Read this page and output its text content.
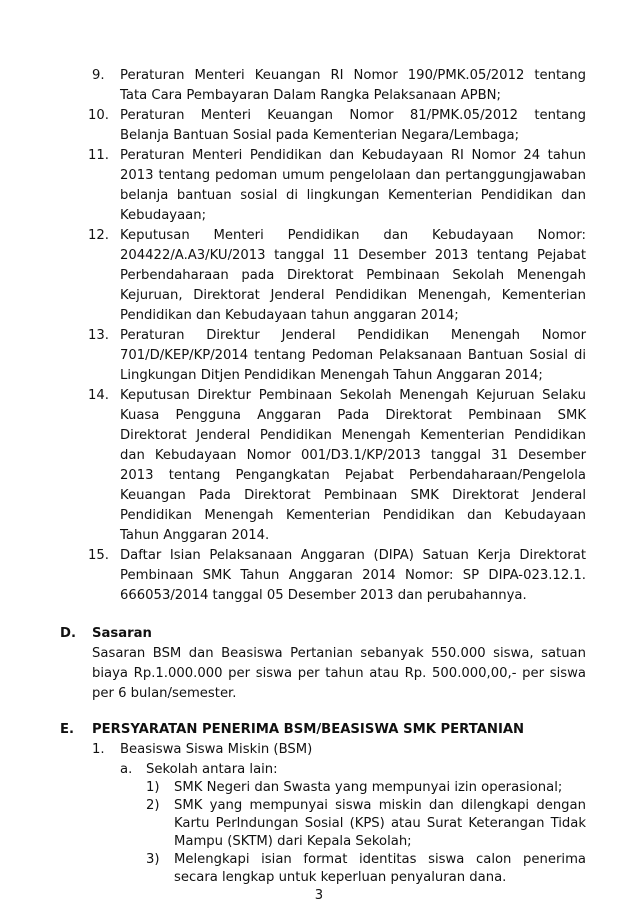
9. Peraturan Menteri Keuangan RI Nomor 190/PMK.05/2012 tentang
Tata Cara Pembayaran Dalam Rangka Pelaksanaan APBN;
10. Peraturan Menteri Keuangan Nomor 81/PMK.05/2012 tentang
Belanja Bantuan Sosial pada Kementerian Negara/Lembaga;
11. Peraturan Menteri Pendidikan dan Kebudayaan RI Nomor 24 tahun
2013 tentang pedoman umum pengelolaan dan pertanggungjawaban
belanja bantuan sosial di lingkungan Kementerian Pendidikan dan
Kebudayaan;
12. Keputusan Menteri Pendidikan dan Kebudayaan Nomor:
204422/A.A3/KU/2013 tanggal 11 Desember 2013 tentang Pejabat
Perbendaharaan pada Direktorat Pembinaan Sekolah Menengah
Kejuruan, Direktorat Jenderal Pendidikan Menengah, Kementerian
Pendidikan dan Kebudayaan tahun anggaran 2014;
13. Peraturan Direktur Jenderal Pendidikan Menengah Nomor
701/D/KEP/KP/2014 tentang Pedoman Pelaksanaan Bantuan Sosial di
Lingkungan Ditjen Pendidikan Menengah Tahun Anggaran 2014;
14. Keputusan Direktur Pembinaan Sekolah Menengah Kejuruan Selaku
Kuasa Pengguna Anggaran Pada Direktorat Pembinaan SMK
Direktorat Jenderal Pendidikan Menengah Kementerian Pendidikan
dan Kebudayaan Nomor 001/D3.1/KP/2013 tanggal 31 Desember
2013 tentang Pengangkatan Pejabat Perbendaharaan/Pengelola
Keuangan Pada Direktorat Pembinaan SMK Direktorat Jenderal
Pendidikan Menengah Kementerian Pendidikan dan Kebudayaan
Tahun Anggaran 2014.
15. Daftar Isian Pelaksanaan Anggaran (DIPA) Satuan Kerja Direktorat
Pembinaan SMK Tahun Anggaran 2014 Nomor: SP DIPA-023.12.1.
666053/2014 tanggal 05 Desember 2013 dan perubahannya.
D. Sasaran
Sasaran BSM dan Beasiswa Pertanian sebanyak 550.000 siswa, satuan
biaya Rp.1.000.000 per siswa per tahun atau Rp. 500.000,00,- per siswa
per 6 bulan/semester.
E. PERSYARATAN PENERIMA BSM/BEASISWA SMK PERTANIAN
1. Beasiswa Siswa Miskin (BSM)
a. Sekolah antara lain:
1) SMK Negeri dan Swasta yang mempunyai izin operasional;
2) SMK yang mempunyai siswa miskin dan dilengkapi dengan
Kartu Perlndungan Sosial (KPS) atau Surat Keterangan Tidak
Mampu (SKTM) dari Kepala Sekolah;
3
3) Melengkapi isian format identitas siswa calon penerima
secara lengkap untuk keperluan penyaluran dana.
